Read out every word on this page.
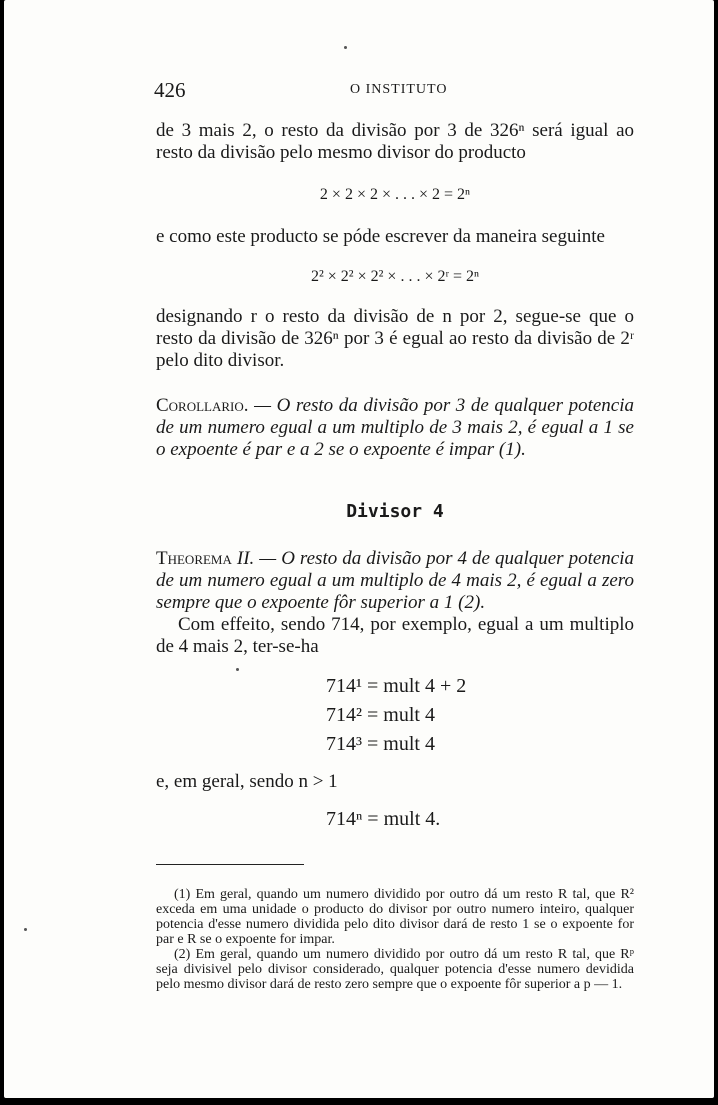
426	O INSTITUTO

de 3 mais 2, o resto da divisão por 3 de 326ⁿ será igual ao resto da divisão pelo mesmo divisor do producto

2 × 2 × 2 × . . . × 2 = 2ⁿ

e como este producto se póde escrever da maneira seguinte

2² × 2² × 2² × . . . × 2ʳ = 2ⁿ

designando r o resto da divisão de n por 2, segue-se que o resto da divisão de 326ⁿ por 3 é egual ao resto da divisão de 2ʳ pelo dito divisor.

Corollario. — O resto da divisão por 3 de qualquer potencia de um numero egual a um multiplo de 3 mais 2, é egual a 1 se o expoente é par e a 2 se o expoente é impar (1).

Divisor 4

Theorema II. — O resto da divisão por 4 de qualquer potencia de um numero egual a um multiplo de 4 mais 2, é egual a zero sempre que o expoente fôr superior a 1 (2).

Com effeito, sendo 714, por exemplo, egual a um multiplo de 4 mais 2, ter-se-ha

714¹ = mult 4 + 2

714² = mult 4

714³ = mult 4

e, em geral, sendo n > 1

714ⁿ = mult 4.

(1) Em geral, quando um numero dividido por outro dá um resto R tal, que R² exceda em uma unidade o producto do divisor por outro numero inteiro, qualquer potencia d'esse numero dividida pelo dito divisor dará de resto 1 se o expoente for par e R se o expoente for impar.

(2) Em geral, quando um numero dividido por outro dá um resto R tal, que Rᵖ seja divisivel pelo divisor considerado, qualquer potencia d'esse numero devidida pelo mesmo divisor dará de resto zero sempre que o expoente fôr superior a p — 1.
